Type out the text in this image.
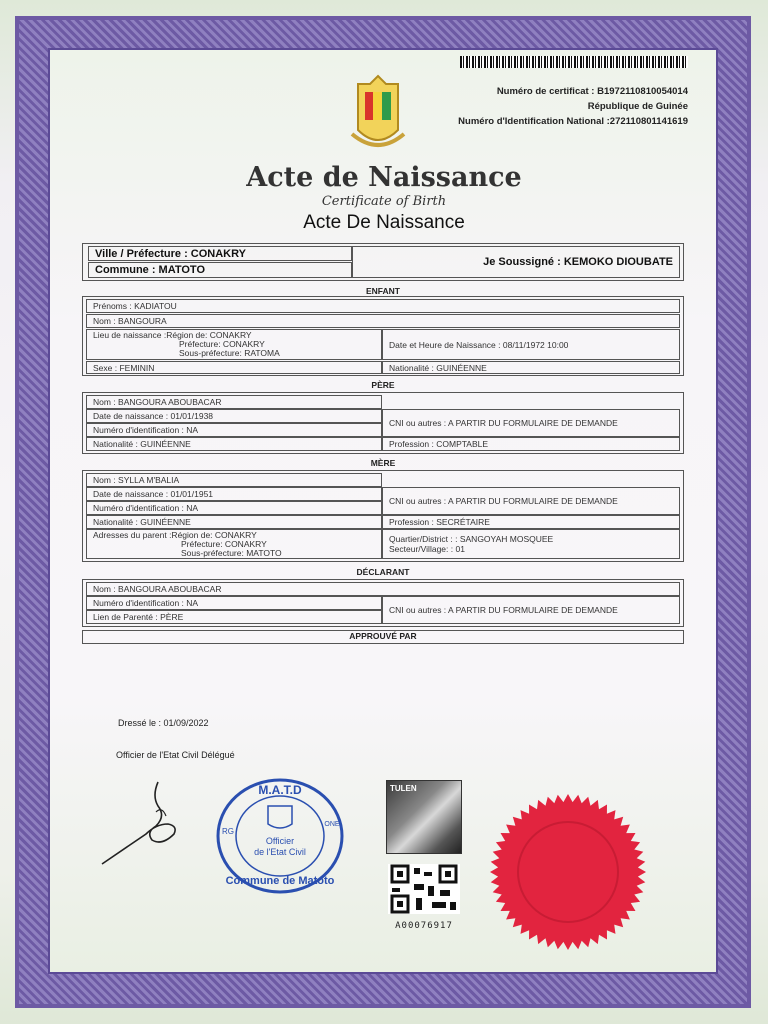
Numéro de certificat : B1972110810054014
République de Guinée
Numéro d'Identification National :272110801141619
Acte de Naissance
Certificate of Birth
Acte De Naissance
Ville / Préfecture : CONAKRY
Commune : MATOTO
Je Soussigné : KEMOKO DIOUBATE
ENFANT
Prénoms : KADIATOU
Nom : BANGOURA
Lieu de naissance :Région de: CONAKRY
Préfecture: CONAKRY
Sous-préfecture: RATOMA
Date et Heure de Naissance : 08/11/1972 10:00
Sexe : FEMININ	Nationalité : GUINÉENNE
PÈRE
Nom : BANGOURA ABOUBACAR
Date de naissance : 01/01/1938
Numéro d'identification : NA
CNI ou autres : A PARTIR DU FORMULAIRE DE DEMANDE
Nationalité : GUINÉENNE	Profession : COMPTABLE
MÈRE
Nom : SYLLA M'BALIA
Date de naissance : 01/01/1951
Numéro d'identification : NA
CNI ou autres : A PARTIR DU FORMULAIRE DE DEMANDE
Nationalité : GUINÉENNE	Profession : SECRÉTAIRE
Adresses du parent :Région de: CONAKRY
Préfecture: CONAKRY
Sous-préfecture: MATOTO
Quartier/District : : SANGOYAH MOSQUEE
Secteur/Village: : 01
DÉCLARANT
Nom : BANGOURA ABOUBACAR
Numéro d'identification : NA
CNI ou autres : A PARTIR DU FORMULAIRE DE DEMANDE
Lien de Parenté : PÈRE
APPROUVÉ PAR
Dressé le : 01/09/2022
Officier de l'Etat Civil Délégué
M.A.T.D
RG
ONE
Officier
de l'Etat Civil
Commune de Matoto
TULEN
A00076917
